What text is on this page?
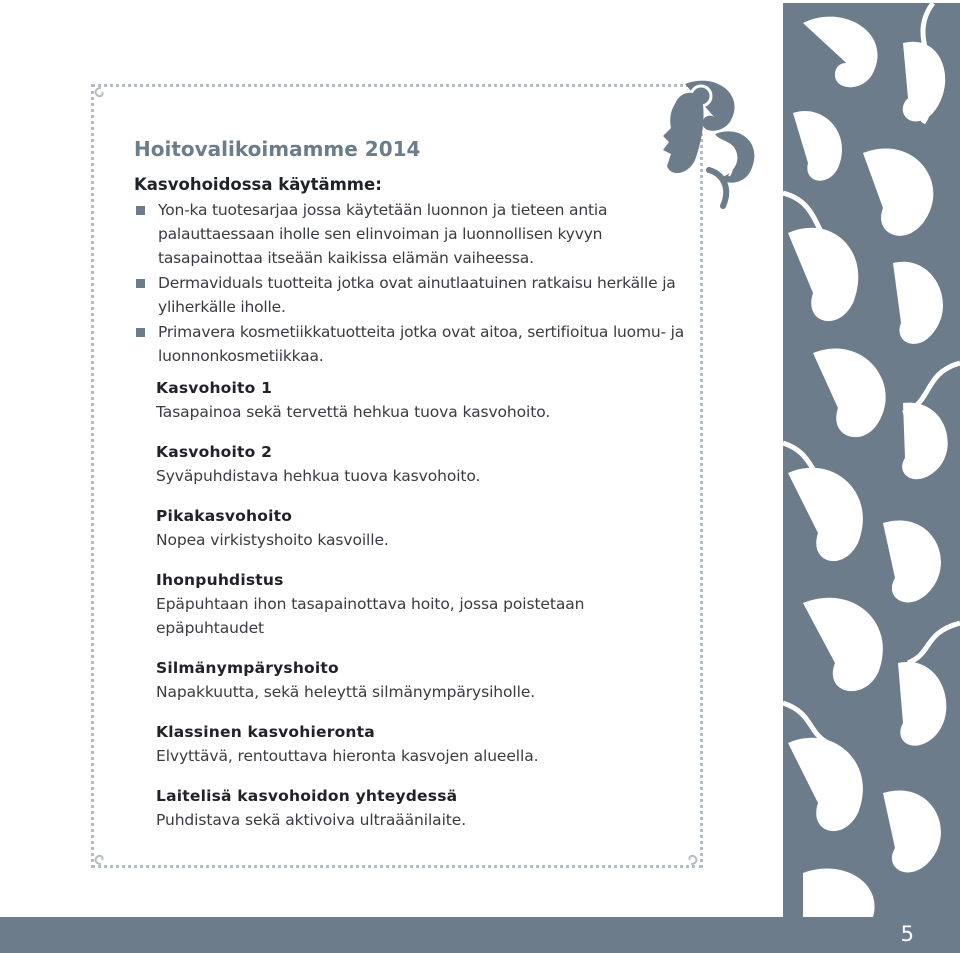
5
Hoitovalikoimamme 2014
Kasvohoidossa käytämme:
Yon-ka tuotesarjaa jossa käytetään luonnon ja tieteen antia palauttaessaan iholle sen elinvoiman ja luonnollisen kyvyn tasapainottaa itseään kaikissa elämän vaiheessa.
Dermaviduals tuotteita jotka ovat ainutlaatuinen ratkaisu herkälle ja yliherkälle iholle.
Primavera kosmetiikkatuotteita jotka ovat aitoa, sertifioitua luomu- ja luonnonkosmetiikkaa.
Kasvohoito 1
Tasapainoa sekä tervettä hehkua tuova kasvohoito.
Kasvohoito 2
Syväpuhdistava hehkua tuova kasvohoito.
Pikakasvohoito
Nopea virkistyshoito kasvoille.
Ihonpuhdistus
Epäpuhtaan ihon tasapainottava hoito, jossa poistetaan epäpuhtaudet
Silmänympäryshoito
Napakkuutta, sekä heleyttä silmänympärysiholle.
Klassinen kasvohieronta
Elvyttävä, rentouttava hieronta kasvojen alueella.
Laitelisä kasvohoidon yhteydessä
Puhdistava sekä aktivoiva ultraäänilaite.
